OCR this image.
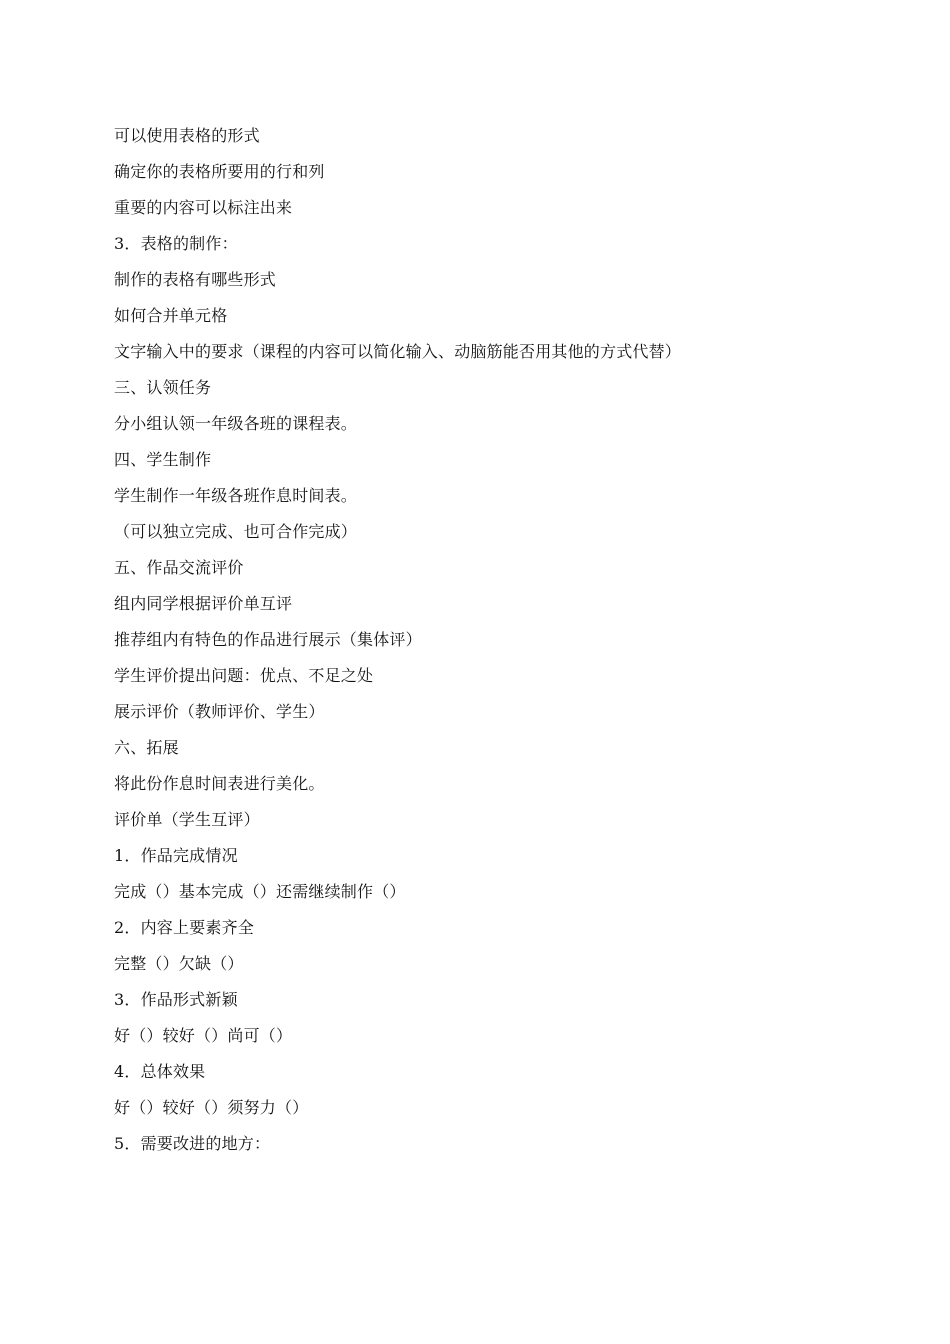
可以使用表格的形式
确定你的表格所要用的行和列
重要的内容可以标注出来
3．表格的制作：
制作的表格有哪些形式
如何合并单元格
文字输入中的要求（课程的内容可以简化输入、动脑筋能否用其他的方式代替）
三、认领任务
分小组认领一年级各班的课程表。
四、学生制作
学生制作一年级各班作息时间表。
（可以独立完成、也可合作完成）
五、作品交流评价
组内同学根据评价单互评
推荐组内有特色的作品进行展示（集体评）
学生评价提出问题：优点、不足之处
展示评价（教师评价、学生）
六、拓展
将此份作息时间表进行美化。
评价单（学生互评）
1．作品完成情况
完成（）基本完成（）还需继续制作（）
2．内容上要素齐全
完整（）欠缺（）
3．作品形式新颖
好（）较好（）尚可（）
4．总体效果
好（）较好（）须努力（）
5．需要改进的地方：
